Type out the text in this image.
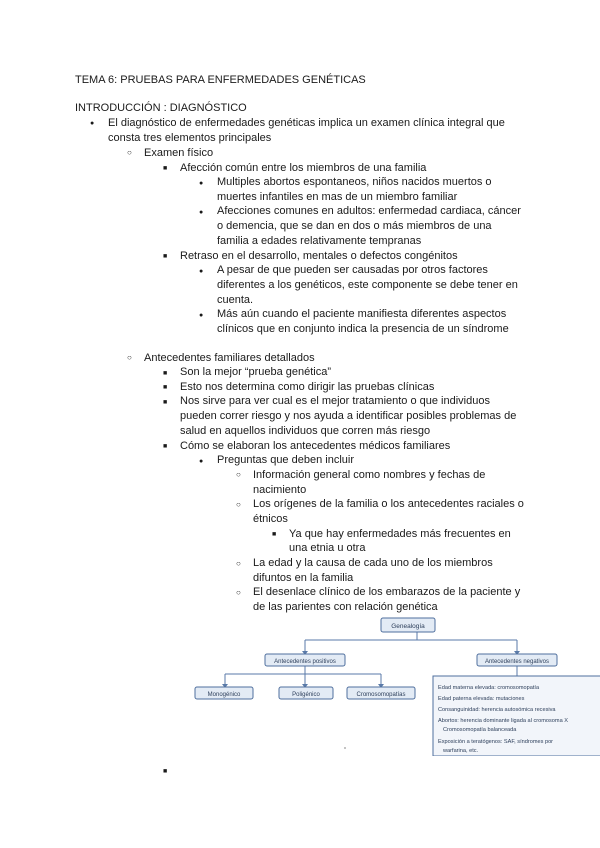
TEMA 6: PRUEBAS PARA ENFERMEDADES GENÉTICAS
INTRODUCCIÓN : DIAGNÓSTICO
●
El diagnóstico de enfermedades genéticas implica un examen clínica integral que
consta tres elementos principales
○
Examen físico
■
Afección común entre los miembros de una familia
●
Multiples abortos espontaneos, niños nacidos muertos o
muertes infantiles en mas de un miembro familiar
●
Afecciones comunes en adultos: enfermedad cardiaca, cáncer
o demencia, que se dan en dos o más miembros de una
familia a edades relativamente tempranas
■
Retraso en el desarrollo, mentales o defectos congénitos
●
A pesar de que pueden ser causadas por otros factores
diferentes a los genéticos, este componente se debe tener en
cuenta.
●
Más aún cuando el paciente manifiesta diferentes aspectos
clínicos que en conjunto indica la presencia de un síndrome
○
Antecedentes familiares detallados
■
Son la mejor “prueba genética”
■
Esto nos determina como dirigir las pruebas clínicas
■
Nos sirve para ver cual es el mejor tratamiento o que individuos
pueden correr riesgo y nos ayuda a identificar posibles problemas de
salud en aquellos individuos que corren más riesgo
■
Cómo se elaboran los antecedentes médicos familiares
●
Preguntas que deben incluir
○
Información general como nombres y fechas de
nacimiento
○
Los orígenes de la familia o los antecedentes raciales o
étnicos
■
Ya que hay enfermedades más frecuentes en
una etnia u otra
○
La edad y la causa de cada uno de los miembros
difuntos en la familia
○
El desenlace clínico de los embarazos de la paciente y
de las parientes con relación genética
Genealogía
Antecedentes positivos	Antecedentes negativos
Monogénico	Poligénico	Cromosomopatías
Edad materna elevada: cromosomopatía
Edad paterna elevada: mutaciones
Consanguinidad: herencia autosómica recesiva
Abortos: herencia dominante ligada al cromosoma X
Cromosomopatía balanceada
Exposición a teratógenos: SAF, síndromes por
warfarina, etc.
■
